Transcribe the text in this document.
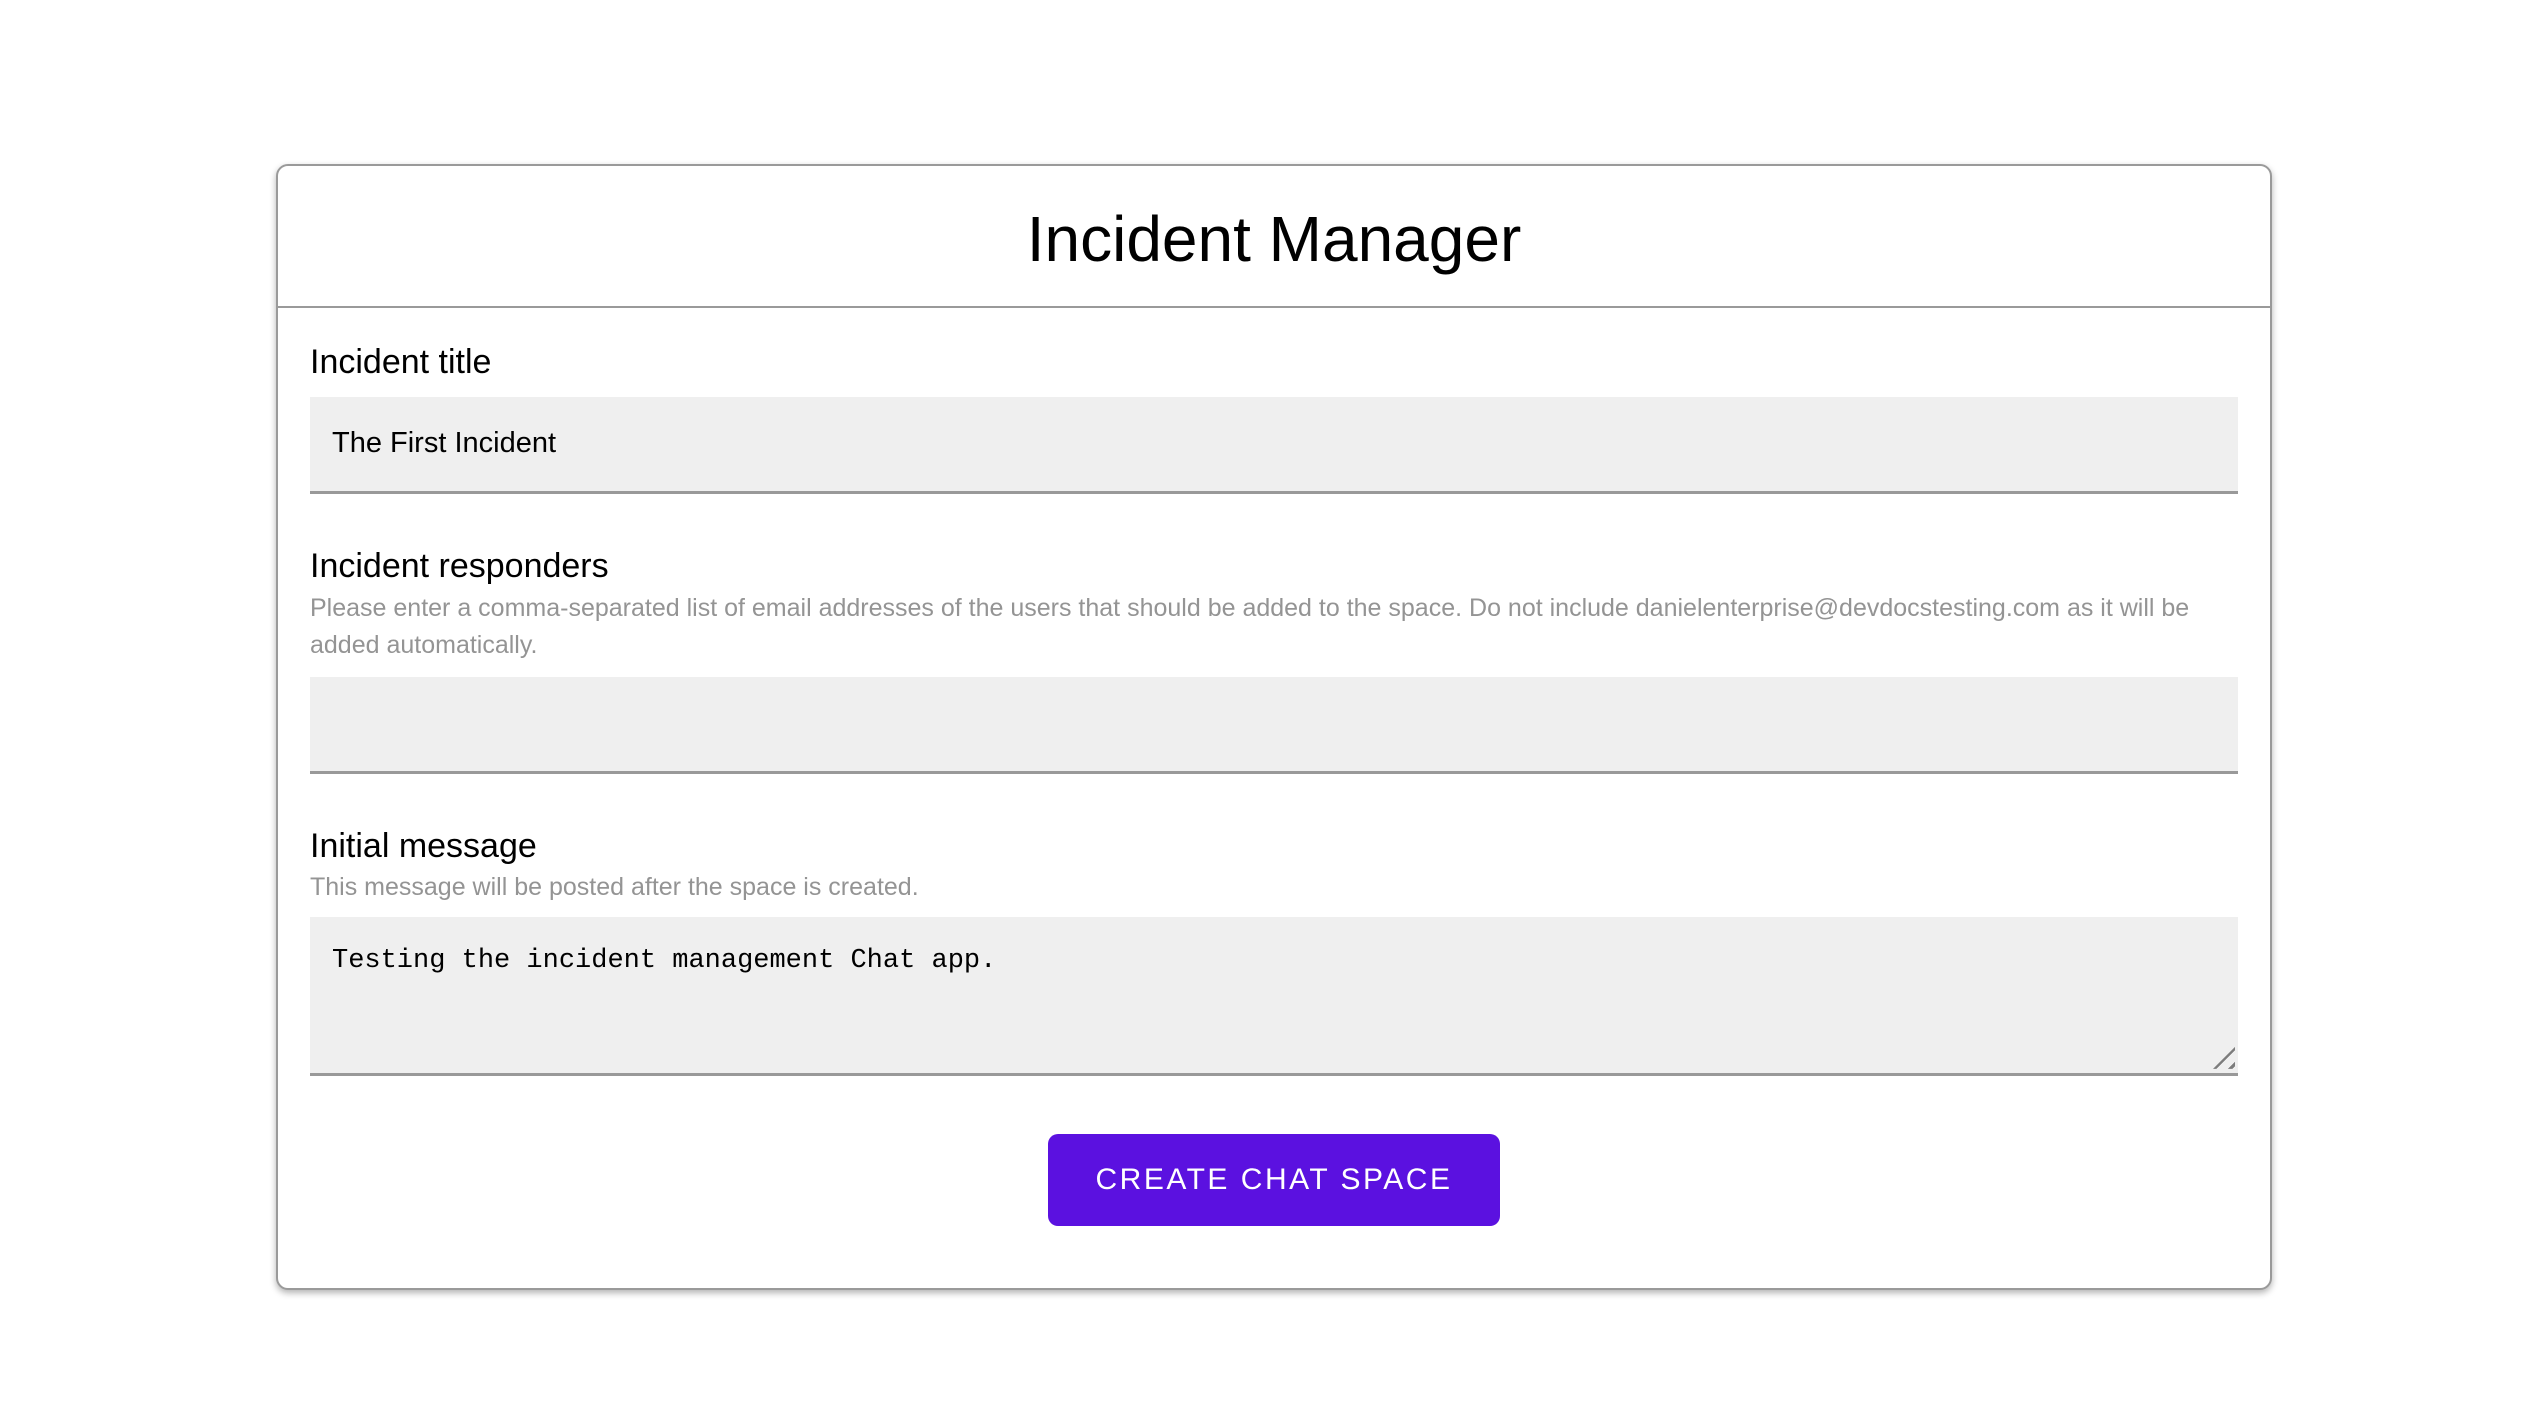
Incident Manager

Incident title

The First Incident

Incident responders

Please enter a comma-separated list of email addresses of the users that should be added to the space. Do not include danielenterprise@devdocstesting.com as it will be added automatically.

Initial message

This message will be posted after the space is created.

Testing the incident management Chat app.
CREATE CHAT SPACE
